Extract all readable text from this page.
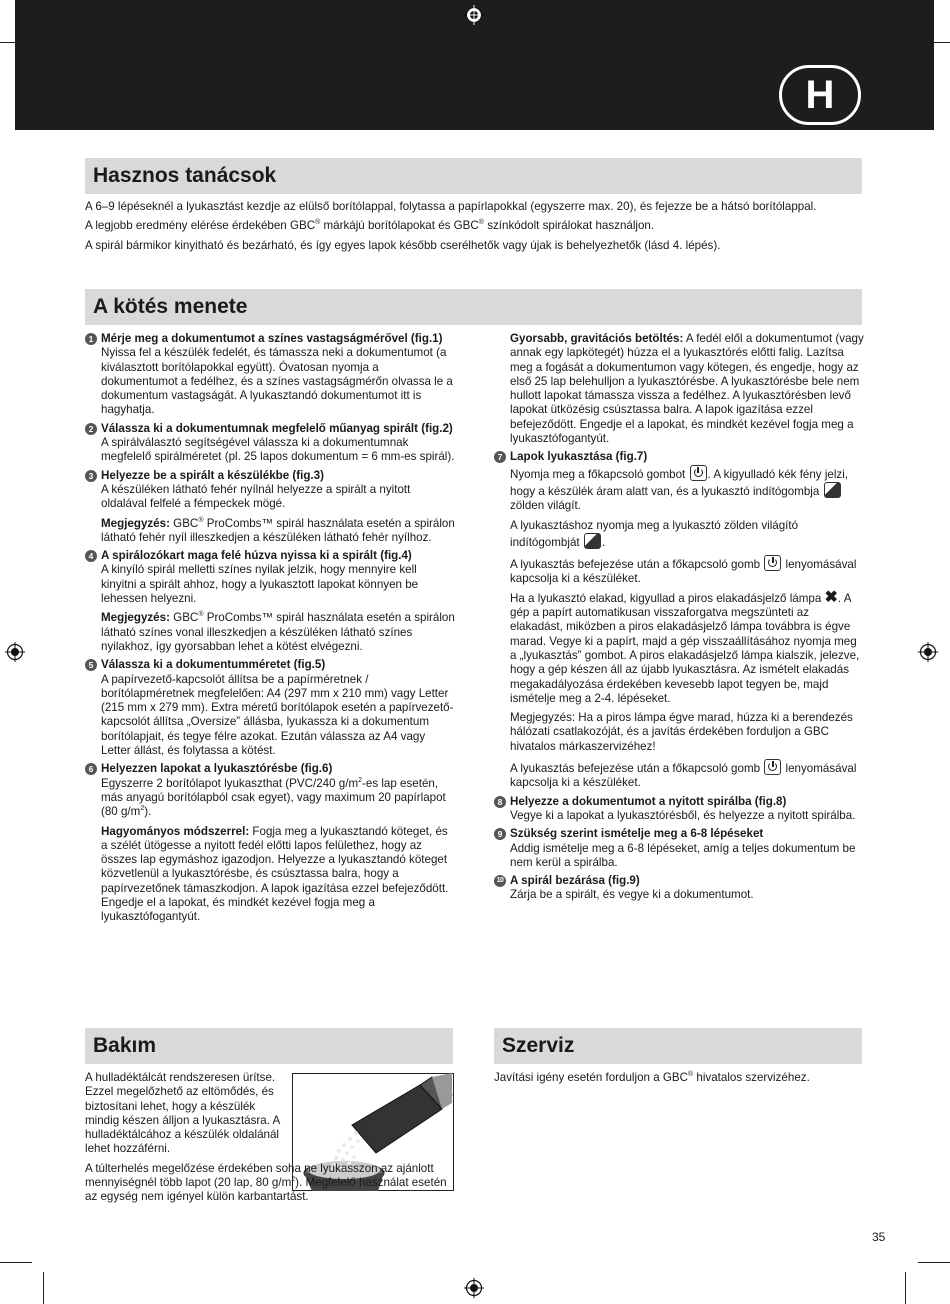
H
Hasznos tanácsok

A 6–9 lépéseknél a lyukasztást kezdje az elülső borítólappal, folytassa a papírlapokkal (egyszerre max. 20), és fejezze be a hátsó borítólappal.

A legjobb eredmény elérése érdekében GBC® márkájú borítólapokat és GBC® színkódolt spirálokat használjon.

A spirál bármikor kinyitható és bezárható, és így egyes lapok később cserélhetők vagy újak is behelyezhetők (lásd 4. lépés).

A kötés menete
1 Mérje meg a dokumentumot a színes vastagságmérővel (fig.1)

Nyissa fel a készülék fedelét, és támassza neki a dokumentumot (a kiválasztott borítólapokkal együtt). Óvatosan nyomja a dokumentumot a fedélhez, és a színes vastagságmérőn olvassa le a dokumentum vastagságát. A lyukasztandó dokumentumot itt is hagyhatja.

2 Válassza ki a dokumentumnak megfelelő műanyag spirált (fig.2)

A spirálválasztó segítségével válassza ki a dokumentumnak megfelelő spirálméretet (pl. 25 lapos dokumentum = 6 mm-es spirál).

3 Helyezze be a spirált a készülékbe (fig.3)

A készüléken látható fehér nyílnál helyezze a spirált a nyitott oldalával felfelé a fémpeckek mögé.

Megjegyzés: GBC® ProCombs™ spirál használata esetén a spirálon látható fehér nyíl illeszkedjen a készüléken látható fehér nyílhoz.

4 A spirálozókart maga felé húzva nyissa ki a spirált (fig.4)

A kinyíló spirál melletti színes nyilak jelzik, hogy mennyire kell kinyitni a spirált ahhoz, hogy a lyukasztott lapokat könnyen be lehessen helyezni.

Megjegyzés: GBC® ProCombs™ spirál használata esetén a spirálon látható színes vonal illeszkedjen a készüléken látható színes nyilakhoz, így gyorsabban lehet a kötést elvégezni.

5 Válassza ki a dokumentumméretet (fig.5)

A papírvezető-kapcsolót állítsa be a papírméretnek / borítólapméretnek megfelelően: A4 (297 mm x 210 mm) vagy Letter (215 mm x 279 mm). Extra méretű borítólapok esetén a papírvezető-kapcsolót állítsa „Oversize” állásba, lyukassza ki a dokumentum borítólapjait, és tegye félre azokat. Ezután válassza az A4 vagy Letter állást, és folytassa a kötést.

6 Helyezzen lapokat a lyukasztórésbe (fig.6)

Egyszerre 2 borítólapot lyukaszthat (PVC/240 $g/m^2-es$ lap esetén, más anyagú borítólapból csak egyet), vagy maximum 20 papírlapot (80 $g/m^2$).

Hagyományos módszerrel: Fogja meg a lyukasztandó köteget, és a szélét ütögesse a nyitott fedél előtti lapos felülethez, hogy az összes lap egymáshoz igazodjon. Helyezze a lyukasztandó köteget közvetlenül a lyukasztórésbe, és csúsztassa balra, hogy a papírvezetőnek támaszkodjon. A lapok igazítása ezzel befejeződött. Engedje el a lapokat, és mindkét kezével fogja meg a lyukasztófogantyút.

Gyorsabb, gravitációs betöltés: A fedél elől a dokumentumot (vagy annak egy lapkötegét) húzza el a lyukasztórés előtti falig. Lazítsa meg a fogását a dokumentumon vagy kötegen, és engedje, hogy az első 25 lap belehulljon a lyukasztórésbe. A lyukasztórésbe bele nem hullott lapokat támassza vissza a fedélhez. A lyukasztórésben levő lapokat ütközésig csúsztassa balra. A lapok igazítása ezzel befejeződött. Engedje el a lapokat, és mindkét kezével fogja meg a lyukasztófogantyút.

7 Lapok lyukasztása (fig.7)

Nyomja meg a főkapcsoló gombot . A kigyulladó kék fény jelzi, hogy a készülék áram alatt van, és a lyukasztó indítógombja  zölden világít.

A lyukasztáshoz nyomja meg a lyukasztó zölden világító indítógombját .

A lyukasztás befejezése után a főkapcsoló gomb  lenyomásával kapcsolja ki a készüléket.

Ha a lyukasztó elakad, kigyullad a piros elakadásjelző lámpa ✖. A gép a papírt automatikusan visszaforgatva megszünteti az elakadást, miközben a piros elakadásjelző lámpa továbbra is égve marad. Vegye ki a papírt, majd a gép visszaállításához nyomja meg a „lyukasztás” gombot. A piros elakadásjelző lámpa kialszik, jelezve, hogy a gép készen áll az újabb lyukasztásra. Az ismételt elakadás megakadályozása érdekében kevesebb lapot tegyen be, majd ismételje meg a 2-4. lépéseket.

Megjegyzés: Ha a piros lámpa égve marad, húzza ki a berendezés hálózati csatlakozóját, és a javítás érdekében forduljon a GBC hivatalos márkaszervizéhez!

A lyukasztás befejezése után a főkapcsoló gomb  lenyomásával kapcsolja ki a készüléket.

8 Helyezze a dokumentumot a nyitott spirálba (fig.8)

Vegye ki a lapokat a lyukasztórésből, és helyezze a nyitott spirálba.

9 Szükség szerint ismételje meg a 6-8 lépéseket

Addig ismételje meg a 6-8 lépéseket, amíg a teljes dokumentum be nem kerül a spirálba.

10 A spirál bezárása (fig.9)

Zárja be a spirált, és vegye ki a dokumentumot.

Bakım

A hulladéktálcát rendszeresen ürítse. Ezzel megelőzhető az eltömődés, és biztosítani lehet, hogy a készülék mindig készen álljon a lyukasztásra. A hulladéktálcához a készülék oldalánál lehet hozzáférni.

A túlterhelés megelőzése érdekében soha ne lyukasszon az ajánlott mennyiségnél több lapot (20 lap, 80 $g/m^2$). Megfelelő használat esetén az egység nem igényel külön karbantartást.

Szerviz

Javítási igény esetén forduljon a GBC® hivatalos szervizéhez.

35
